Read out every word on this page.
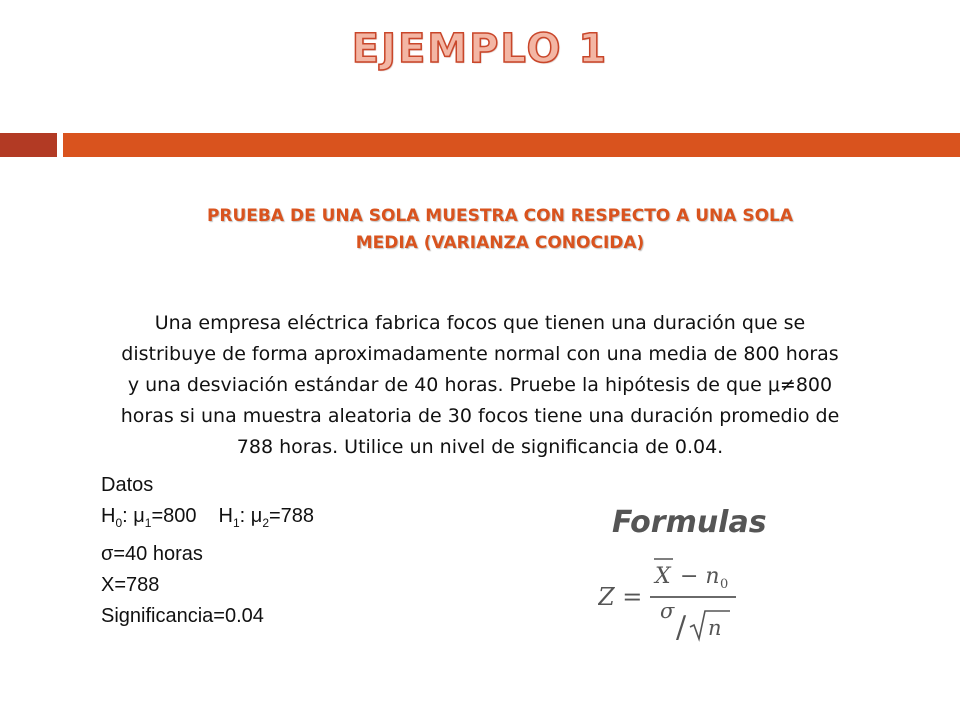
EJEMPLO 1
PRUEBA DE UNA SOLA MUESTRA CON RESPECTO A UNA SOLA
MEDIA (VARIANZA CONOCIDA)
Una empresa eléctrica fabrica focos que tienen una duración que se
distribuye de forma aproximadamente normal con una media de 800 horas
y una desviación estándar de 40 horas. Pruebe la hipótesis de que μ≠800
horas si una muestra aleatoria de 30 focos tiene una duración promedio de
788 horas. Utilice un nivel de significancia de 0.04.
Datos
$H_0$: $\mu_1=800$ $H_1$: $\mu_2=788$
σ=40 horas
X=788
Significancia=0.04
Formulas
Z =
X − n 0
σ / n
